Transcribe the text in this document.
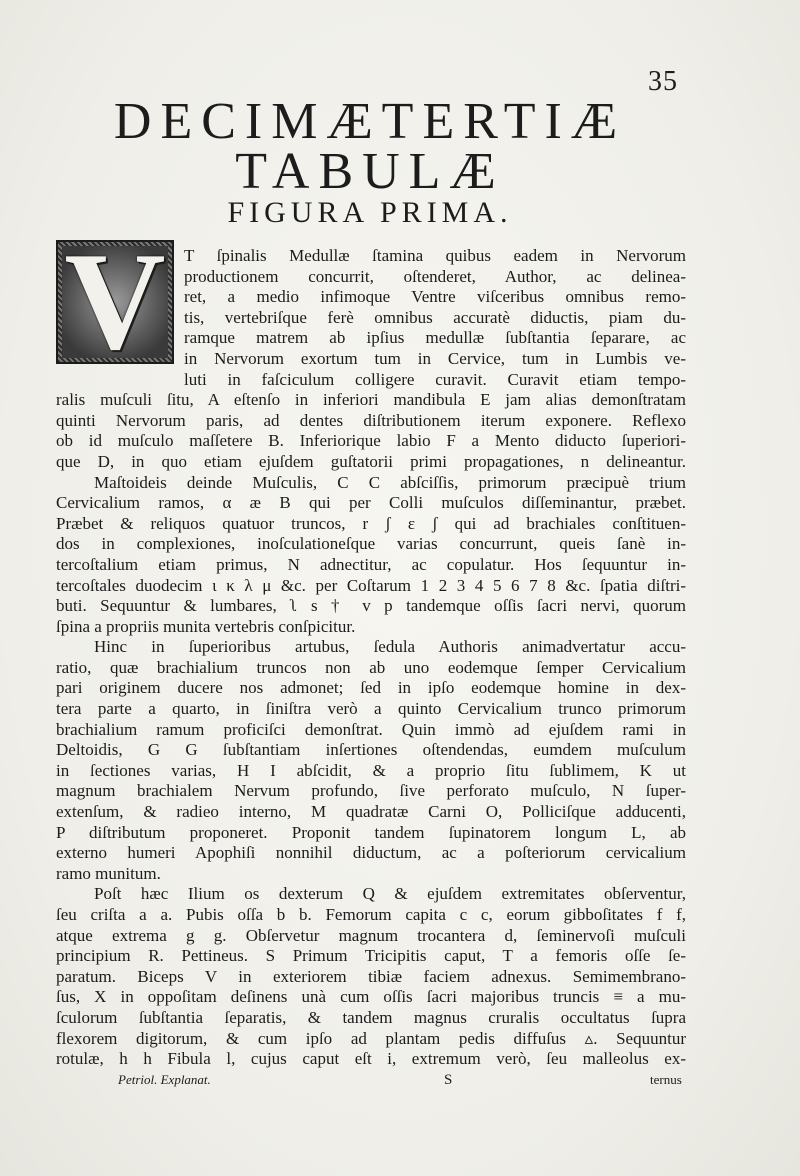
35
DECIMÆTERTIÆ
TABULÆ
FIGURA PRIMA.
V	T ſpinalis Medullæ ſtamina quibus eadem in Nervorum
productionem concurrit, oſtenderet, Author, ac delinea-
ret, a medio infimoque Ventre viſceribus omnibus remo-
tis, vertebriſque ferè omnibus accuratè diductis, piam du-
ramque matrem ab ipſius medullæ ſubſtantia ſeparare, ac
in Nervorum exortum tum in Cervice, tum in Lumbis ve-
luti in faſciculum colligere curavit. Curavit etiam tempo-
ralis muſculi ſitu, A eſtenſo in inferiori mandibula E jam alias demonſtratam
quinti Nervorum paris, ad dentes diſtributionem iterum exponere. Reflexo
ob id muſculo maſſetere B. Inferiorique labio F a Mento diducto ſuperiori-
que D, in quo etiam ejuſdem guſtatorii primi propagationes, n delineantur.
Maſtoideis deinde Muſculis, C C abſciſſis, primorum præcipuè trium
Cervicalium ramos, α æ B qui per Colli muſculos diſſeminantur, præbet.
Præbet & reliquos quatuor truncos, r ʃ ε ʃ qui ad brachiales conſtituen-
dos in complexiones, inoſculationeſque varias concurrunt, queis ſanè in-
tercoſtalium etiam primus, N adnectitur, ac copulatur. Hos ſequuntur in-
tercoſtales duodecim ι κ λ μ &c. per Coſtarum 1 2 3 4 5 6 7 8 &c. ſpatia diſtri-
buti. Sequuntur & lumbares, ʅ s † v p tandemque oſſis ſacri nervi, quorum
ſpina a propriis munita vertebris conſpicitur.
Hinc in ſuperioribus artubus, ſedula Authoris animadvertatur accu-
ratio, quæ brachialium truncos non ab uno eodemque ſemper Cervicalium
pari originem ducere nos admonet; ſed in ipſo eodemque homine in dex-
tera parte a quarto, in ſiniſtra verò a quinto Cervicalium trunco primorum
brachialium ramum proficiſci demonſtrat. Quin immò ad ejuſdem rami in
Deltoidis, G G ſubſtantiam inſertiones oſtendendas, eumdem muſculum
in ſectiones varias, H I abſcidit, & a proprio ſitu ſublimem, K ut
magnum brachialem Nervum profundo, ſive perforato muſculo, N ſuper-
extenſum, & radieo interno, M quadratæ Carni O, Polliciſque adducenti,
P diſtributum proponeret. Proponit tandem ſupinatorem longum L, ab
externo humeri Apophiſi nonnihil diductum, ac a poſteriorum cervicalium
ramo munitum.
Poſt hæc Ilium os dexterum Q & ejuſdem extremitates obſerventur,
ſeu criſta a a. Pubis oſſa b b. Femorum capita c c, eorum gibboſitates f f,
atque extrema g g. Obſervetur magnum trocantera d, ſeminervoſi muſculi
principium R. Pettineus. S Primum Tricipitis caput, T a femoris oſſe ſe-
paratum. Biceps V in exteriorem tibiæ faciem adnexus. Semimembrano-
ſus, X in oppoſitam deſinens unà cum oſſis ſacri majoribus truncis ≡ a mu-
ſculorum ſubſtantia ſeparatis, & tandem magnus cruralis occultatus ſupra
flexorem digitorum, & cum ipſo ad plantam pedis diffuſus ▵. Sequuntur
rotulæ, h h Fibula l, cujus caput eſt i, extremum verò, ſeu malleolus ex-
Petriol. Explanat.	S	ternus
